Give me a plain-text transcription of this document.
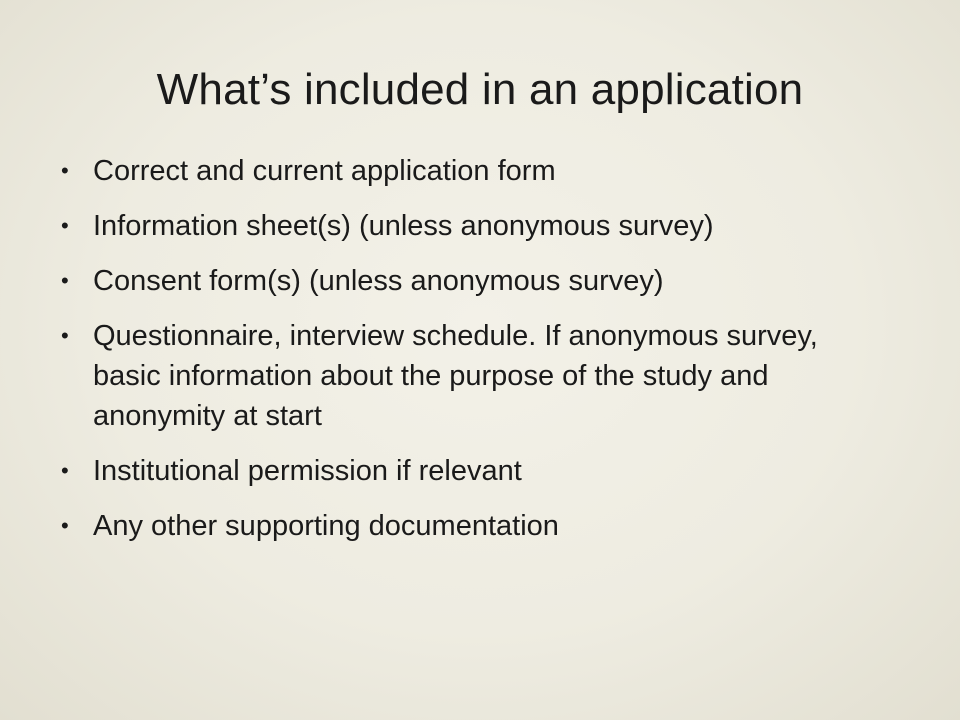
What’s included in an application
• Correct and current application form
• Information sheet(s) (unless anonymous survey)
• Consent form(s) (unless anonymous survey)
• Questionnaire, interview schedule. If anonymous survey, basic information about the purpose of the study and anonymity at start
• Institutional permission if relevant
• Any other supporting documentation
